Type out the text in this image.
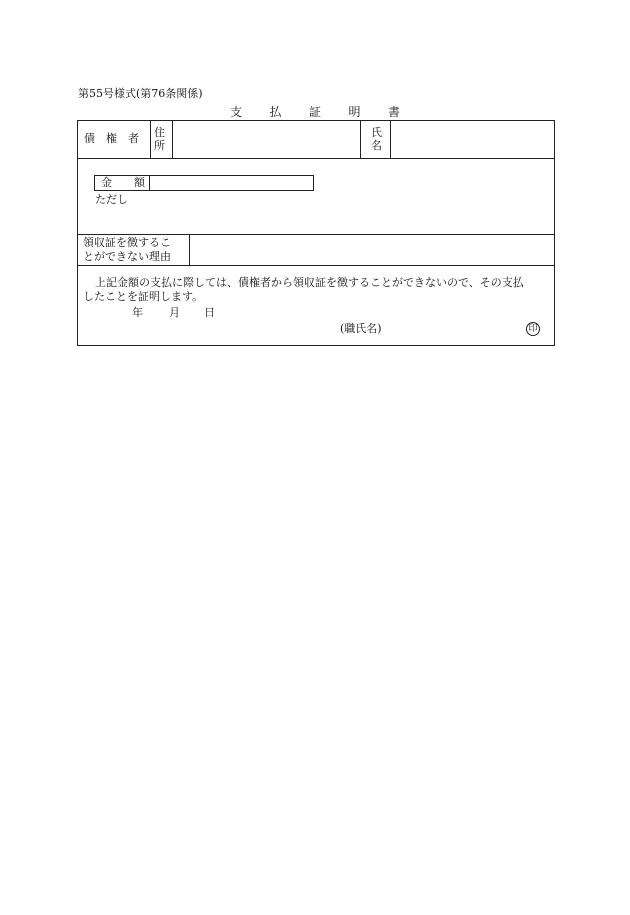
第55号様式(第76条関係)
支 払 証 明 書
債　権　者 住
所
氏
名
金　　額
ただし
領収証を徴するこ
とができない理由
上記金額の支払に際しては、債権者から領収証を徴することができないので、その支払
したことを証明します。
年 月 日
(職氏名)	印
